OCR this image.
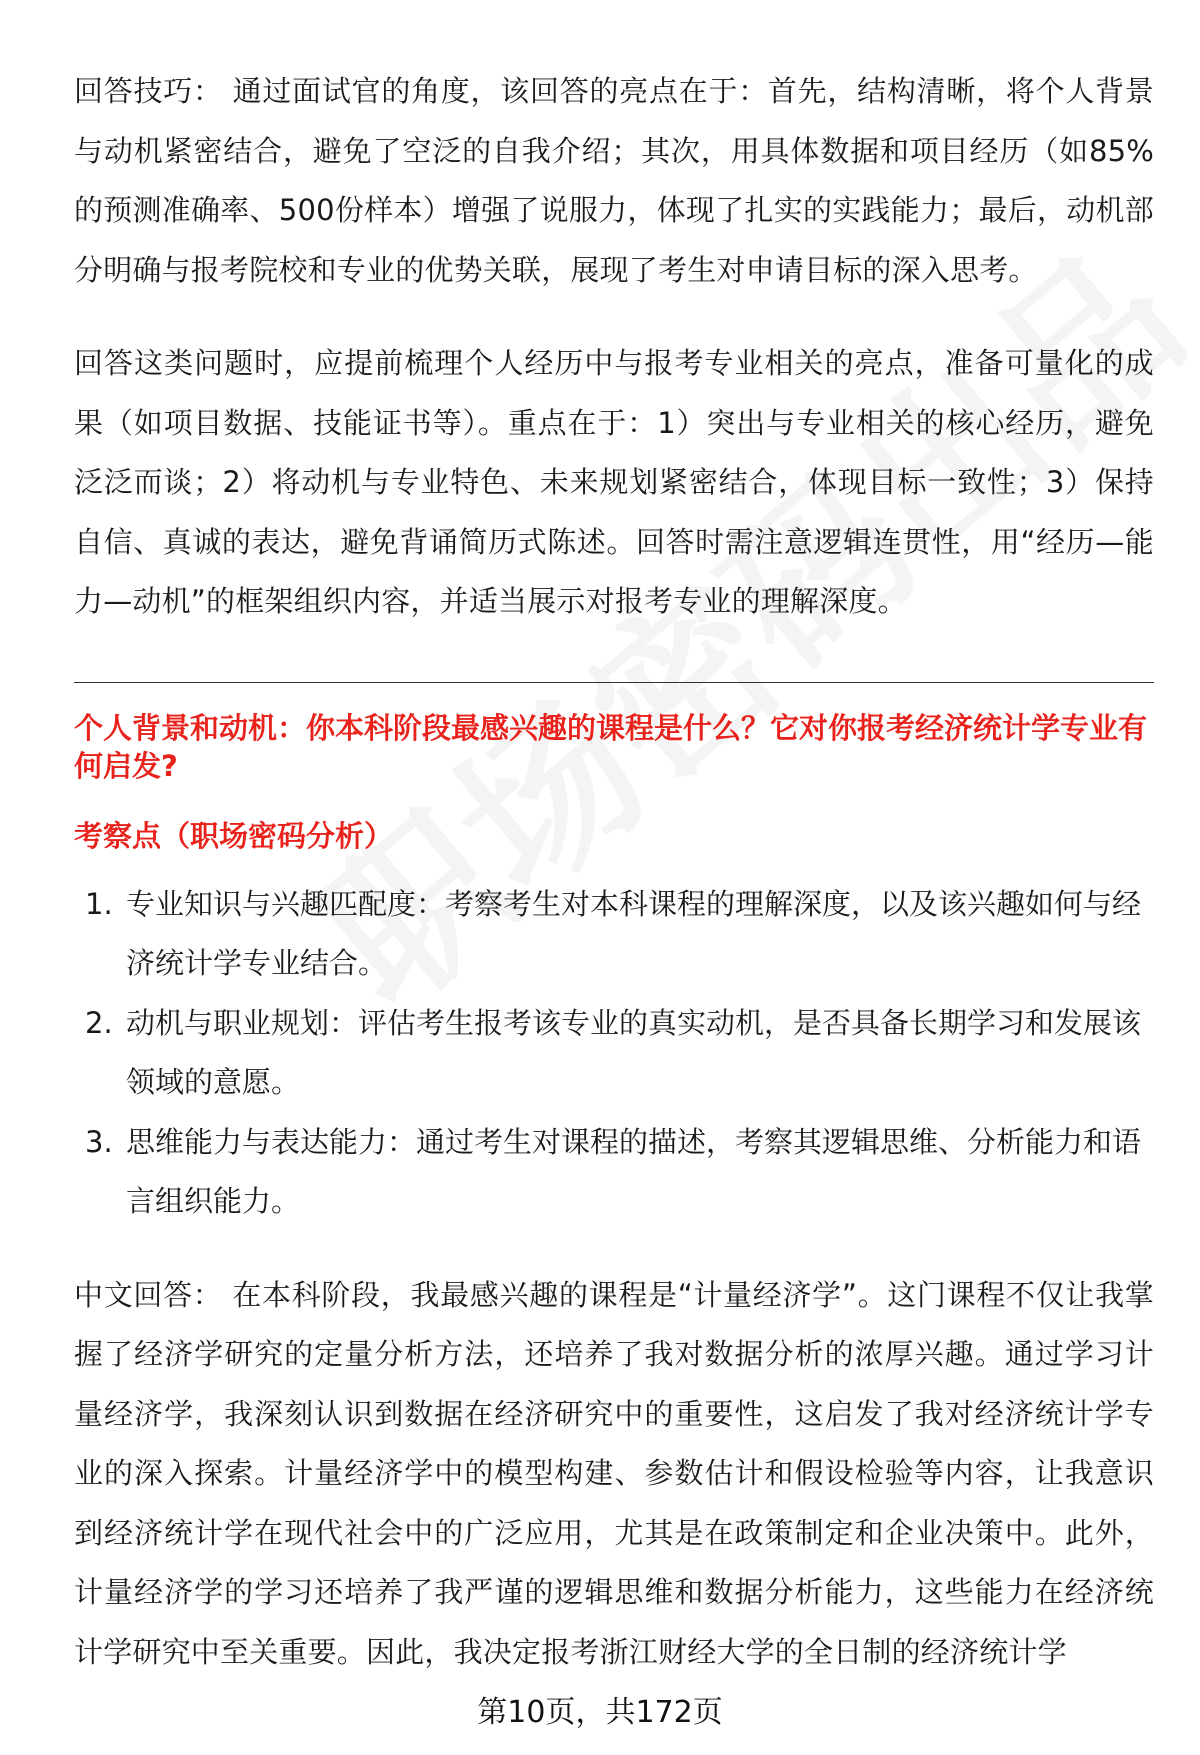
回答技巧： 通过面试官的角度，该回答的亮点在于：首先，结构清晰，将个人背景与动机紧密结合，避免了空泛的自我介绍；其次，用具体数据和项目经历（如85%的预测准确率、500份样本）增强了说服力，体现了扎实的实践能力；最后，动机部分明确与报考院校和专业的优势关联，展现了考生对申请目标的深入思考。

回答这类问题时，应提前梳理个人经历中与报考专业相关的亮点，准备可量化的成果（如项目数据、技能证书等）。重点在于：1）突出与专业相关的核心经历，避免泛泛而谈；2）将动机与专业特色、未来规划紧密结合，体现目标一致性；3）保持自信、真诚的表达，避免背诵简历式陈述。回答时需注意逻辑连贯性，用“经历—能力—动机”的框架组织内容，并适当展示对报考专业的理解深度。

个人背景和动机：你本科阶段最感兴趣的课程是什么？它对你报考经济统计学专业有何启发?

考察点（职场密码分析）

1. 专业知识与兴趣匹配度：考察考生对本科课程的理解深度，以及该兴趣如何与经济统计学专业结合。
2. 动机与职业规划：评估考生报考该专业的真实动机，是否具备长期学习和发展该领域的意愿。
3. 思维能力与表达能力：通过考生对课程的描述，考察其逻辑思维、分析能力和语言组织能力。

中文回答： 在本科阶段，我最感兴趣的课程是“计量经济学”。这门课程不仅让我掌握了经济学研究的定量分析方法，还培养了我对数据分析的浓厚兴趣。通过学习计量经济学，我深刻认识到数据在经济研究中的重要性，这启发了我对经济统计学专业的深入探索。计量经济学中的模型构建、参数估计和假设检验等内容，让我意识到经济统计学在现代社会中的广泛应用，尤其是在政策制定和企业决策中。此外，计量经济学的学习还培养了我严谨的逻辑思维和数据分析能力，这些能力在经济统计学研究中至关重要。因此，我决定报考浙江财经大学的全日制的经济统计学

第10页，共172页
